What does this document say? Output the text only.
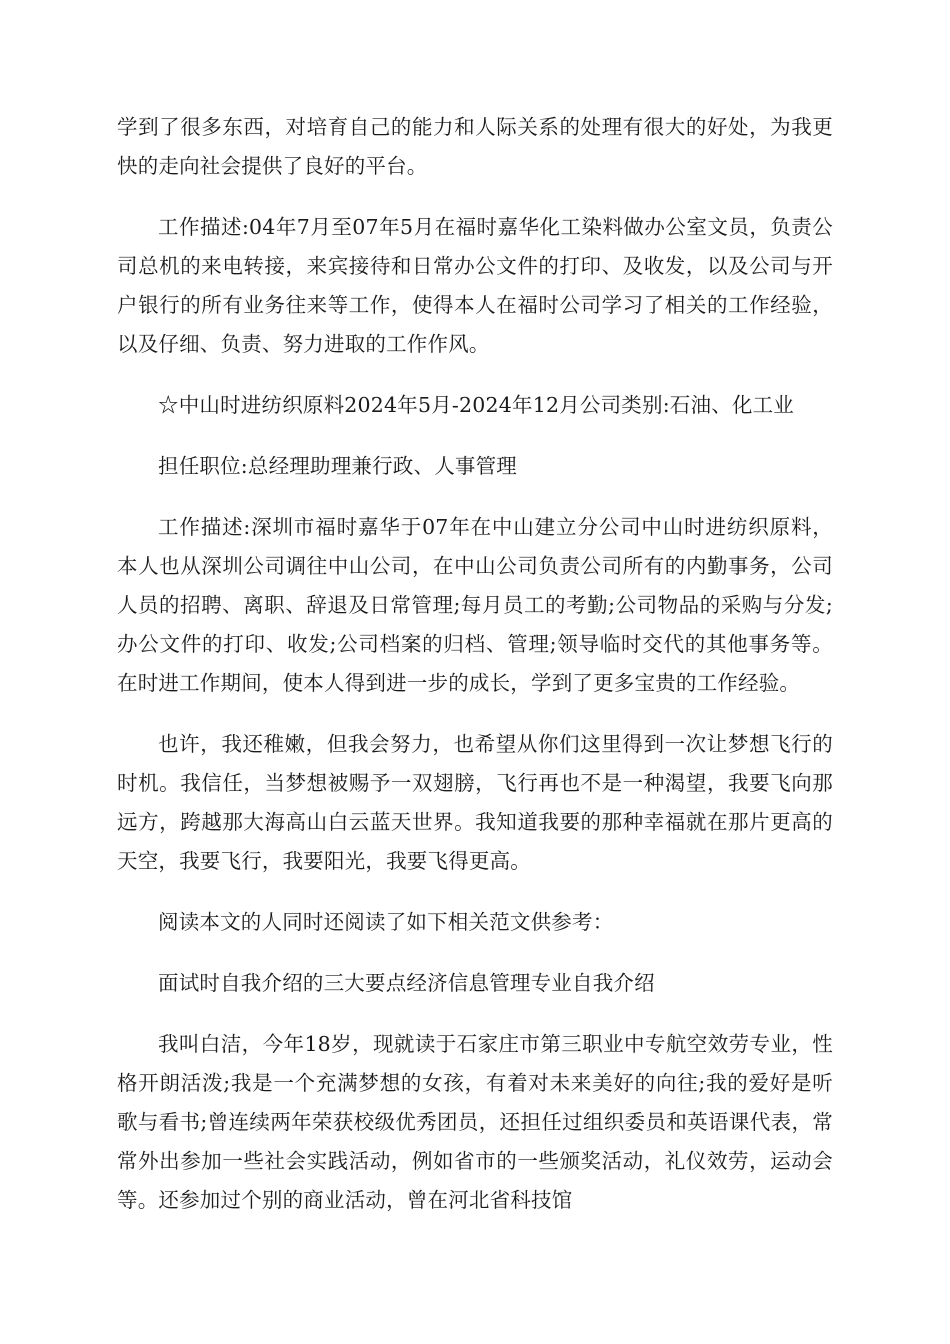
学到了很多东西，对培育自己的能力和人际关系的处理有很大的好处，为我更快的走向社会提供了良好的平台。

工作描述:04年7月至07年5月在福时嘉华化工染料做办公室文员，负责公司总机的来电转接，来宾接待和日常办公文件的打印、及收发，以及公司与开户银行的所有业务往来等工作，使得本人在福时公司学习了相关的工作经验，以及仔细、负责、努力进取的工作作风。

☆中山时进纺织原料2024年5月-2024年12月公司类别:石油、化工业

担任职位:总经理助理兼行政、人事管理

工作描述:深圳市福时嘉华于07年在中山建立分公司中山时进纺织原料，本人也从深圳公司调往中山公司，在中山公司负责公司所有的内勤事务，公司人员的招聘、离职、辞退及日常管理;每月员工的考勤;公司物品的采购与分发;办公文件的打印、收发;公司档案的归档、管理;领导临时交代的其他事务等。在时进工作期间，使本人得到进一步的成长，学到了更多宝贵的工作经验。

也许，我还稚嫩，但我会努力，也希望从你们这里得到一次让梦想飞行的时机。我信任，当梦想被赐予一双翅膀，飞行再也不是一种渴望，我要飞向那远方，跨越那大海高山白云蓝天世界。我知道我要的那种幸福就在那片更高的天空，我要飞行，我要阳光，我要飞得更高。

阅读本文的人同时还阅读了如下相关范文供参考：

面试时自我介绍的三大要点经济信息管理专业自我介绍

我叫白洁，今年18岁，现就读于石家庄市第三职业中专航空效劳专业，性格开朗活泼;我是一个充满梦想的女孩，有着对未来美好的向往;我的爱好是听歌与看书;曾连续两年荣获校级优秀团员，还担任过组织委员和英语课代表，常常外出参加一些社会实践活动，例如省市的一些颁奖活动，礼仪效劳，运动会等。还参加过个别的商业活动，曾在河北省科技馆
